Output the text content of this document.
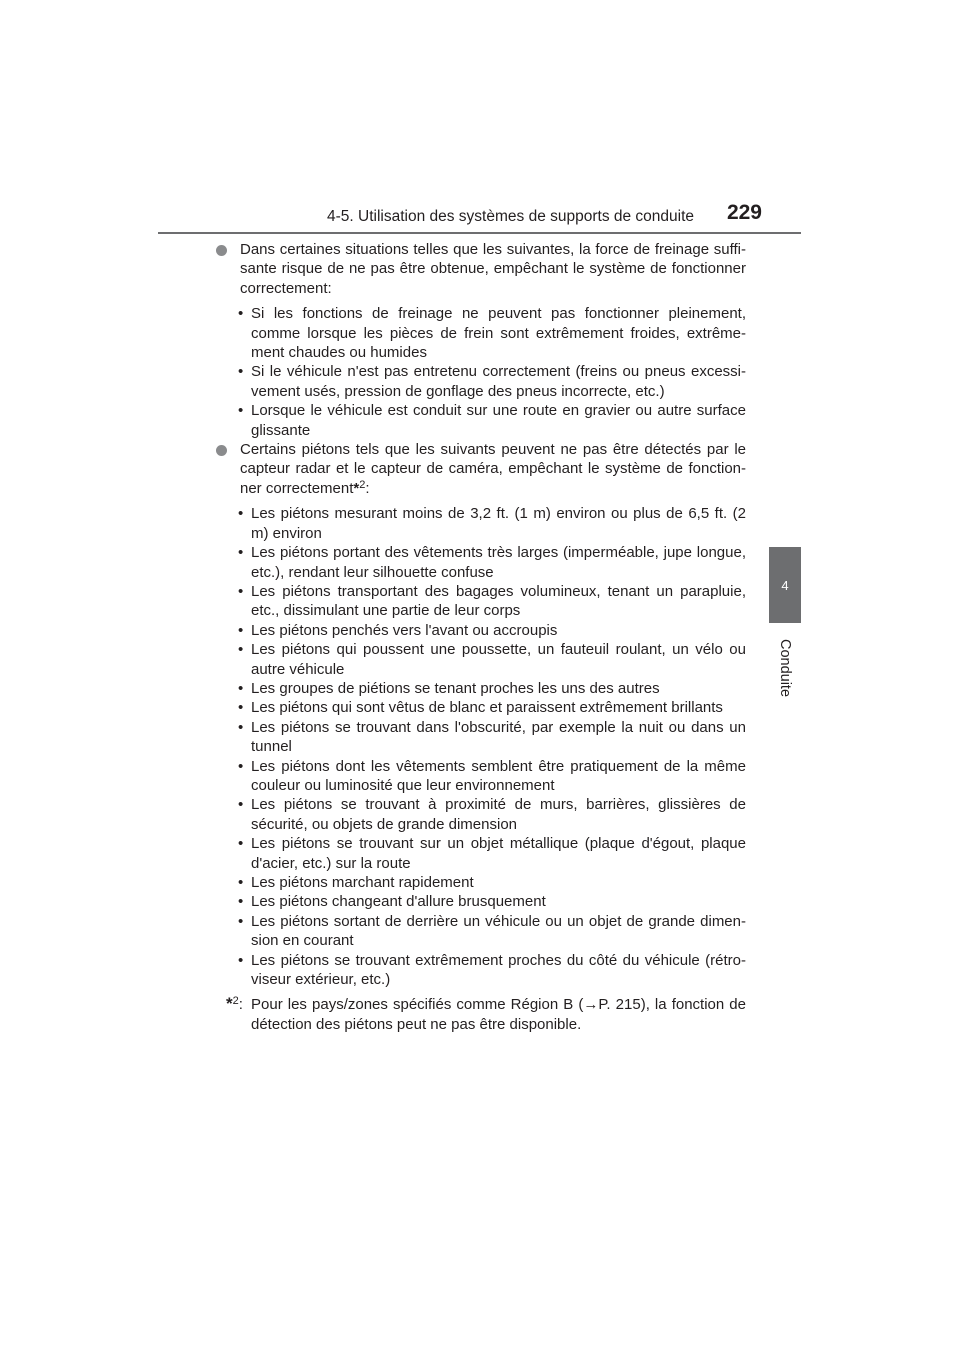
4-5. Utilisation des systèmes de supports de conduite	229
4
Conduite

Dans certaines situations telles que les suivantes, la force de freinage suffi-sante risque de ne pas être obtenue, empêchant le système de fonctionner correctement:

• Si les fonctions de freinage ne peuvent pas fonctionner pleinement, comme lorsque les pièces de frein sont extrêmement froides, extrême-ment chaudes ou humides
• Si le véhicule n'est pas entretenu correctement (freins ou pneus excessi-vement usés, pression de gonflage des pneus incorrecte, etc.)
• Lorsque le véhicule est conduit sur une route en gravier ou autre surface glissante

Certains piétons tels que les suivants peuvent ne pas être détectés par le capteur radar et le capteur de caméra, empêchant le système de fonction-ner correctement*$^2$:

• Les piétons mesurant moins de 3,2 ft. (1 m) environ ou plus de 6,5 ft. (2 m) environ
• Les piétons portant des vêtements très larges (imperméable, jupe longue, etc.), rendant leur silhouette confuse
• Les piétons transportant des bagages volumineux, tenant un parapluie, etc., dissimulant une partie de leur corps
• Les piétons penchés vers l'avant ou accroupis
• Les piétons qui poussent une poussette, un fauteuil roulant, un vélo ou autre véhicule
• Les groupes de piétions se tenant proches les uns des autres
• Les piétons qui sont vêtus de blanc et paraissent extrêmement brillants
• Les piétons se trouvant dans l'obscurité, par exemple la nuit ou dans un tunnel
• Les piétons dont les vêtements semblent être pratiquement de la même couleur ou luminosité que leur environnement
• Les piétons se trouvant à proximité de murs, barrières, glissières de sécurité, ou objets de grande dimension
• Les piétons se trouvant sur un objet métallique (plaque d'égout, plaque d'acier, etc.) sur la route
• Les piétons marchant rapidement
• Les piétons changeant d'allure brusquement
• Les piétons sortant de derrière un véhicule ou un objet de grande dimen-sion en courant
• Les piétons se trouvant extrêmement proches du côté du véhicule (rétro-viseur extérieur, etc.)

*$^2$: Pour les pays/zones spécifiés comme Région B (→P. 215), la fonction de détection des piétons peut ne pas être disponible.
